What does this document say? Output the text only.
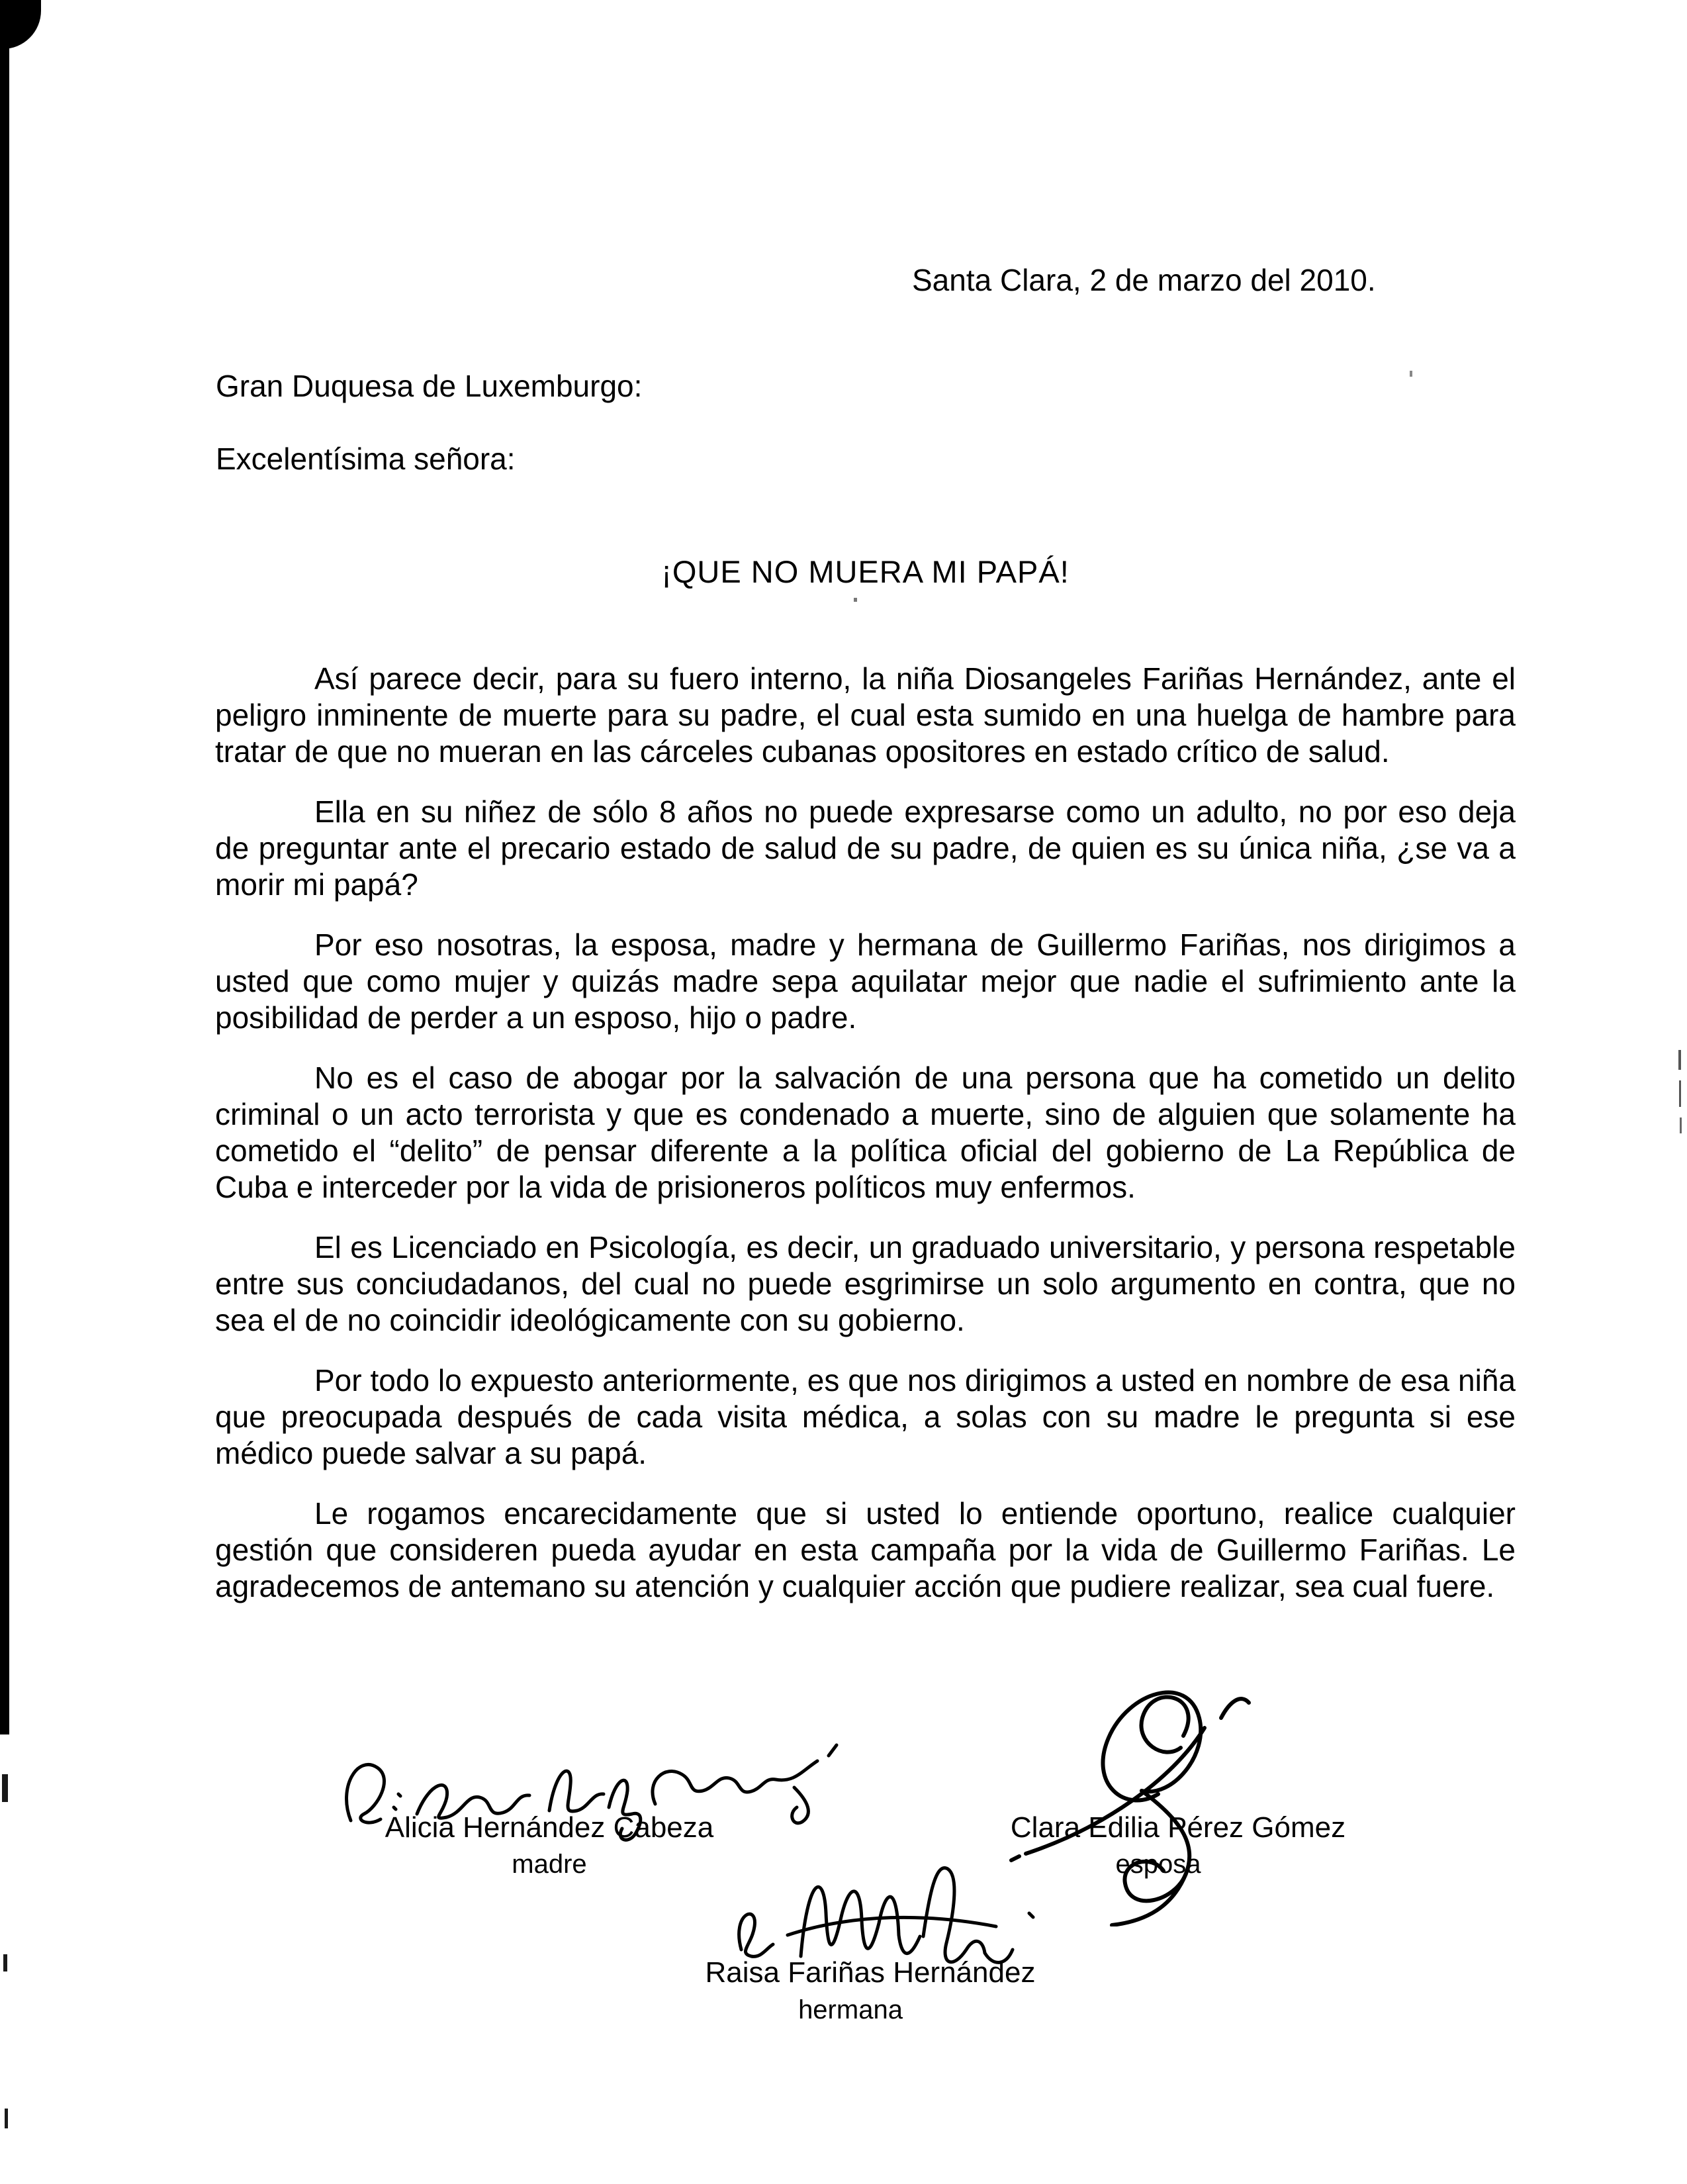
Santa Clara, 2 de marzo del 2010.
Gran Duquesa de Luxemburgo:
Excelentísima señora:
¡QUE NO MUERA MI PAPÁ!

Así parece decir, para su fuero interno, la niña Diosangeles Fariñas Hernández, ante el peligro inminente de muerte para su padre, el cual esta sumido en una huelga de hambre para tratar de que no mueran en las cárceles cubanas opositores en estado crítico de salud.

Ella en su niñez de sólo 8 años no puede expresarse como un adulto, no por eso deja de preguntar ante el precario estado de salud de su padre, de quien es su única niña, ¿se va a morir mi papá?

Por eso nosotras, la esposa, madre y hermana de Guillermo Fariñas, nos dirigimos a usted que como mujer y quizás madre sepa aquilatar mejor que nadie el sufrimiento ante la posibilidad de perder a un esposo, hijo o padre.

No es el caso de abogar por la salvación de una persona que ha cometido un delito criminal o un acto terrorista y que es condenado a muerte, sino de alguien que solamente ha cometido el “delito” de pensar diferente a la política oficial del gobierno de La República de Cuba e interceder por la vida de prisioneros políticos muy enfermos.

El es Licenciado en Psicología, es decir, un graduado universitario, y persona respetable entre sus conciudadanos, del cual no puede esgrimirse un solo argumento en contra, que no sea el de no coincidir ideológicamente con su gobierno.

Por todo lo expuesto anteriormente, es que nos dirigimos a usted en nombre de esa niña que preocupada después de cada visita médica, a solas con su madre le pregunta si ese médico puede salvar a su papá.

Le rogamos encarecidamente que si usted lo entiende oportuno, realice cualquier gestión que consideren pueda ayudar en esta campaña por la vida de Guillermo Fariñas. Le agradecemos de antemano su atención y cualquier acción que pudiere realizar, sea cual fuere.

Alicia Hernández Cabeza
madre
Clara Edilia Pérez Gómez
esposa
Raisa Fariñas Hernández
hermana
